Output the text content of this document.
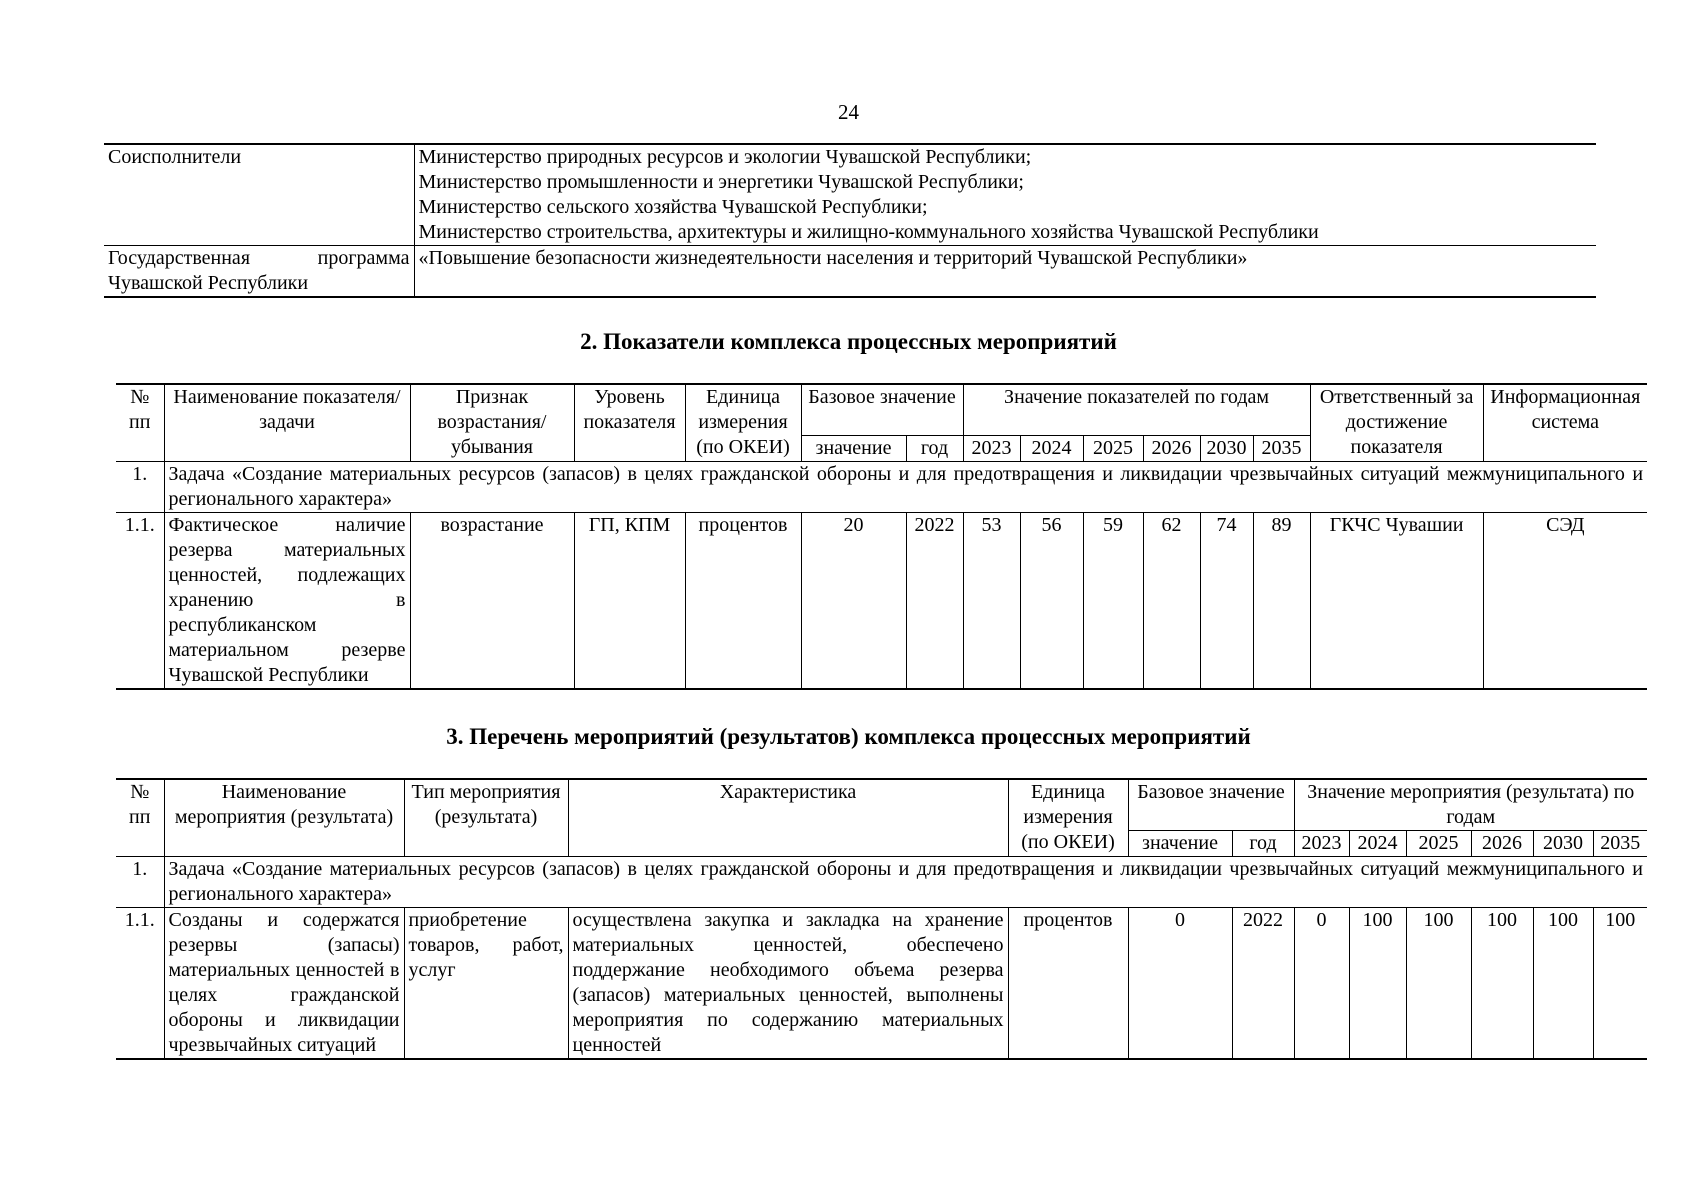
24
Соисполнители	Министерство природных ресурсов и экологии Чувашской Республики;
Министерство промышленности и энергетики Чувашской Республики;
Министерство сельского хозяйства Чувашской Республики;
Министерство строительства, архитектуры и жилищно-коммунального хозяйства Чувашской Республики

Государственная программа Чувашской Республики	«Повышение безопасности жизнедеятельности населения и территорий Чувашской Республики»
2. Показатели комплекса процессных мероприятий
№ пп	Наименование показателя/задачи	Признак возрастания/ убывания	Уровень показателя	Единица измерения (по ОКЕИ)	Базовое значение		Значение показателей по годам						Ответственный за достижение показателя	Информационная система
					значение	год	2023	2024	2025	2026	2030	2035		
1.	Задача «Создание материальных ресурсов (запасов) в целях гражданской обороны и для предотвращения и ликвидации чрезвычайных ситуаций межмуниципального и регионального характера»													
1.1.	Фактическое наличие резерва материальных ценностей, подлежащих хранению в республиканском материальном резерве Чувашской Республики	возрастание	ГП, КПМ	процентов	20	2022	53	56	59	62	74	89	ГКЧС Чувашии	СЭД
3. Перечень мероприятий (результатов) комплекса процессных мероприятий
№ пп	Наименование мероприятия (результата)	Тип мероприятия (результата)	Характеристика	Единица измерения (по ОКЕИ)	Базовое значение		Значение мероприятия (результата) по годам					
					значение	год	2023	2024	2025	2026	2030	2035
1.	Задача «Создание материальных ресурсов (запасов) в целях гражданской обороны и для предотвращения и ликвидации чрезвычайных ситуаций межмуниципального и регионального характера»											
1.1.	Созданы и содержатся резервы (запасы) материальных ценностей в целях гражданской обороны и ликвидации чрезвычайных ситуаций	приобретение товаров, работ, услуг	осуществлена закупка и закладка на хранение материальных ценностей, обеспечено поддержание необходимого объема резерва (запасов) материальных ценностей, выполнены мероприятия по содержанию материальных ценностей	процентов	0	2022	0	100	100	100	100	100
